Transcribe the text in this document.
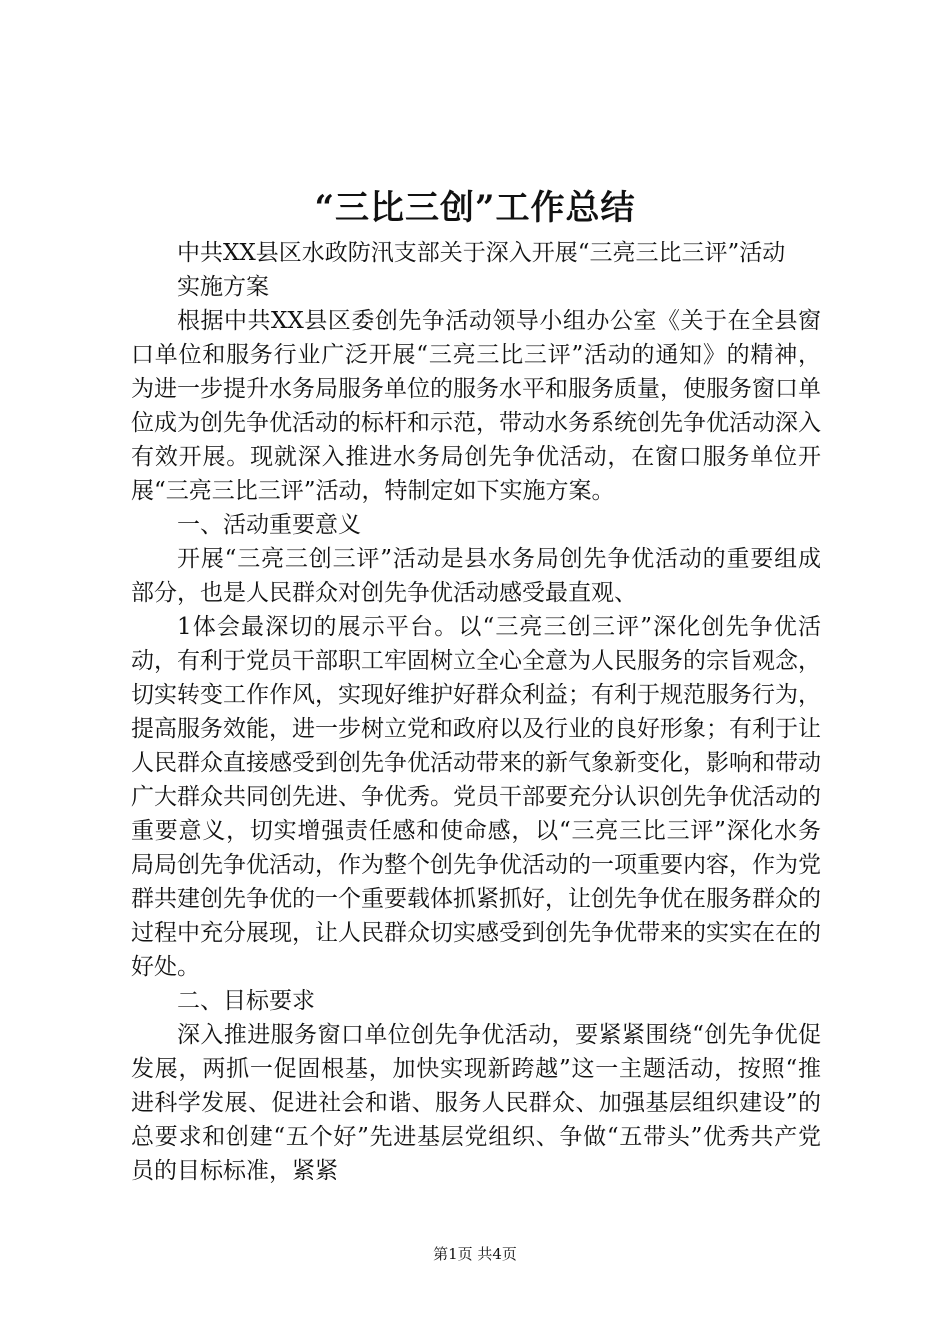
“三比三创”工作总结

中共XX县区水政防汛支部关于深入开展“三亮三比三评”活动

实施方案

根据中共XX县区委创先争活动领导小组办公室《关于在全县窗口单位和服务行业广泛开展“三亮三比三评”活动的通知》的精神，为进一步提升水务局服务单位的服务水平和服务质量，使服务窗口单位成为创先争优活动的标杆和示范，带动水务系统创先争优活动深入有效开展。现就深入推进水务局创先争优活动，在窗口服务单位开展“三亮三比三评”活动，特制定如下实施方案。

一、活动重要意义

开展“三亮三创三评”活动是县水务局创先争优活动的重要组成部分，也是人民群众对创先争优活动感受最直观、

1体会最深切的展示平台。以“三亮三创三评”深化创先争优活动，有利于党员干部职工牢固树立全心全意为人民服务的宗旨观念，切实转变工作作风，实现好维护好群众利益；有利于规范服务行为，提高服务效能，进一步树立党和政府以及行业的良好形象；有利于让人民群众直接感受到创先争优活动带来的新气象新变化，影响和带动广大群众共同创先进、争优秀。党员干部要充分认识创先争优活动的重要意义，切实增强责任感和使命感，以“三亮三比三评”深化水务局局创先争优活动，作为整个创先争优活动的一项重要内容，作为党群共建创先争优的一个重要载体抓紧抓好，让创先争优在服务群众的过程中充分展现，让人民群众切实感受到创先争优带来的实实在在的好处。

二、目标要求

深入推进服务窗口单位创先争优活动，要紧紧围绕“创先争优促发展，两抓一促固根基，加快实现新跨越”这一主题活动，按照“推进科学发展、促进社会和谐、服务人民群众、加强基层组织建设”的总要求和创建“五个好”先进基层党组织、争做“五带头”优秀共产党员的目标标准，紧紧

第1页 共4页
